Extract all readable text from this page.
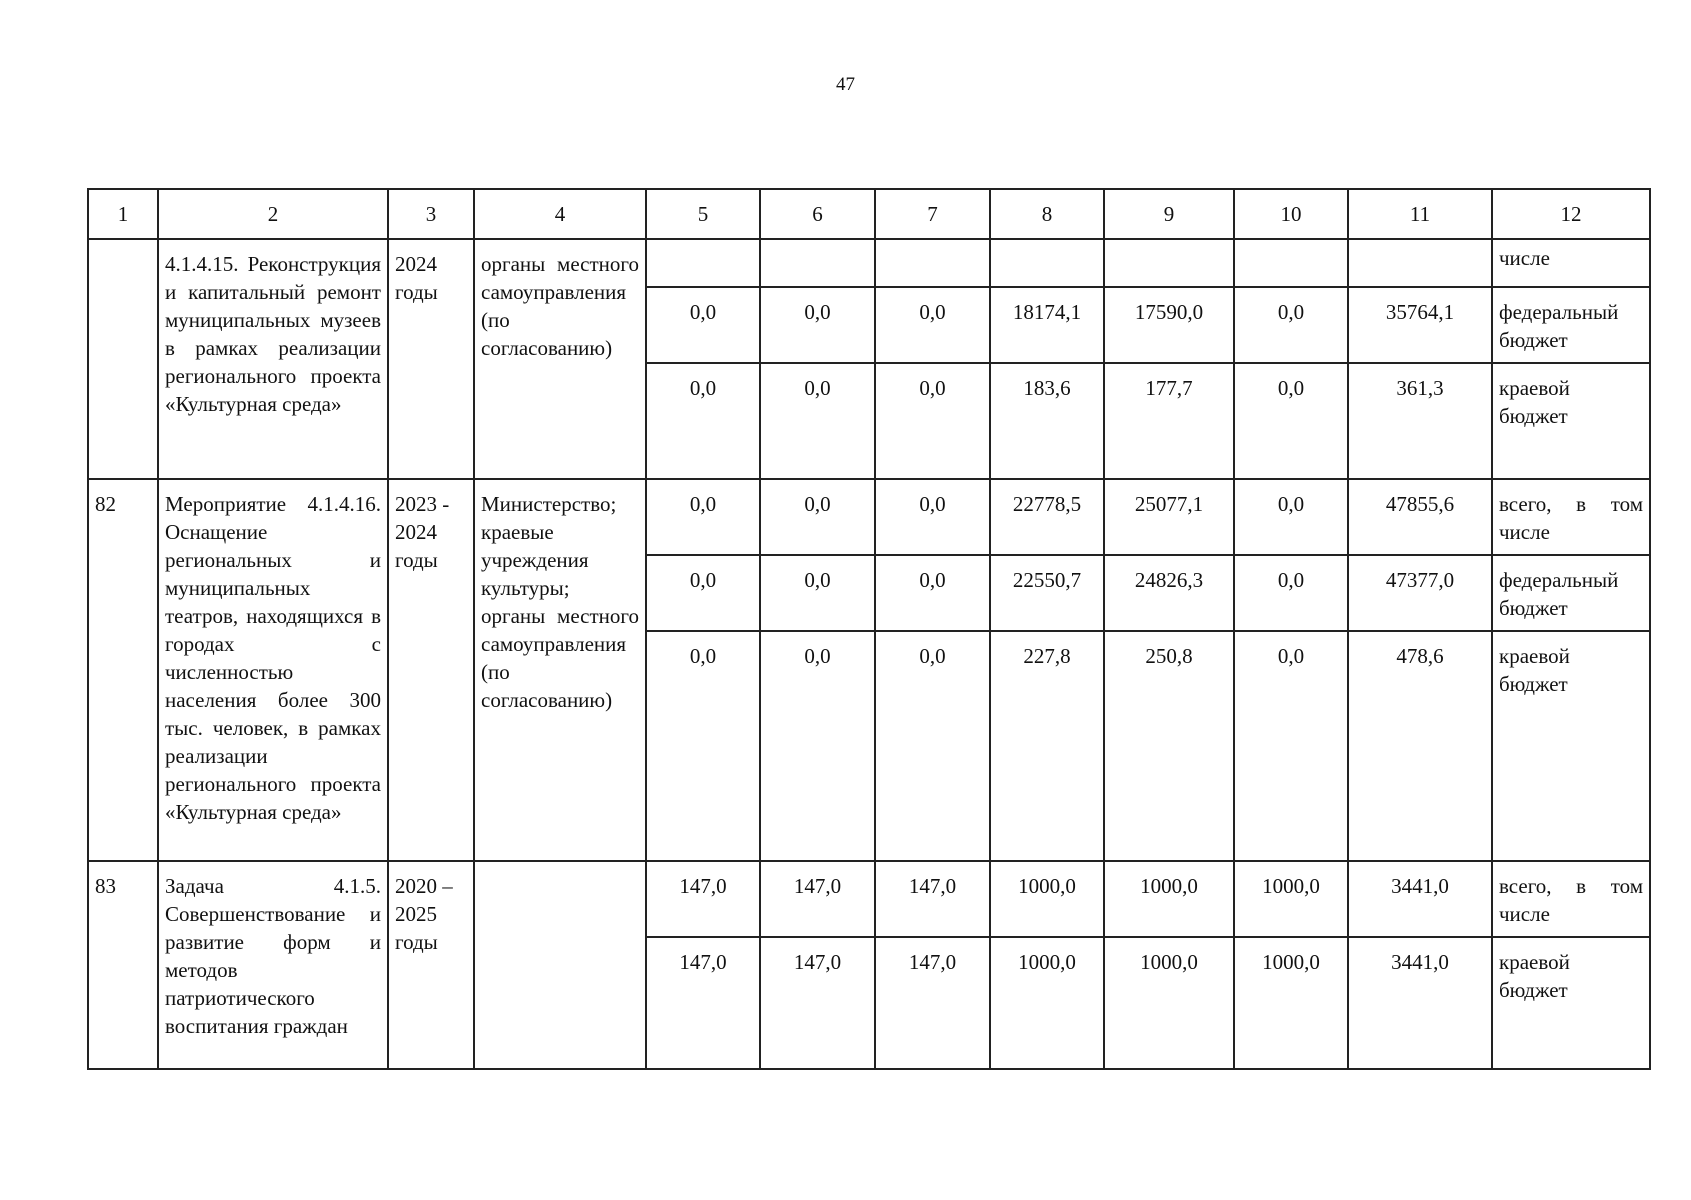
47
1	2	3	4	5	6	7	8	9	10	11	12
	4.1.4.15. Реконструкция и капитальный ремонт муниципальных музеев в рамках реализации регионального проекта «Культурная среда»	2024 годы	органы местного самоуправления (по согласованию)								числе
				0,0	0,0	0,0	18174,1	17590,0	0,0	35764,1	федеральный бюджет
				0,0	0,0	0,0	183,6	177,7	0,0	361,3	краевой бюджет
82	Мероприятие 4.1.4.16. Оснащение региональных и муниципальных театров, находящихся в городах с численностью населения более 300 тыс. человек, в рамках реализации регионального проекта «Культурная среда»	2023 - 2024 годы	Министерство; краевые учреждения культуры; органы местного самоуправления (по согласованию)	0,0	0,0	0,0	22778,5	25077,1	0,0	47855,6	всего, в том числе
				0,0	0,0	0,0	22550,7	24826,3	0,0	47377,0	федеральный бюджет
				0,0	0,0	0,0	227,8	250,8	0,0	478,6	краевой бюджет
83	Задача 4.1.5. Совершенствование и развитие форм и методов патриотического воспитания граждан	2020 – 2025 годы		147,0	147,0	147,0	1000,0	1000,0	1000,0	3441,0	всего, в том числе
				147,0	147,0	147,0	1000,0	1000,0	1000,0	3441,0	краевой бюджет
